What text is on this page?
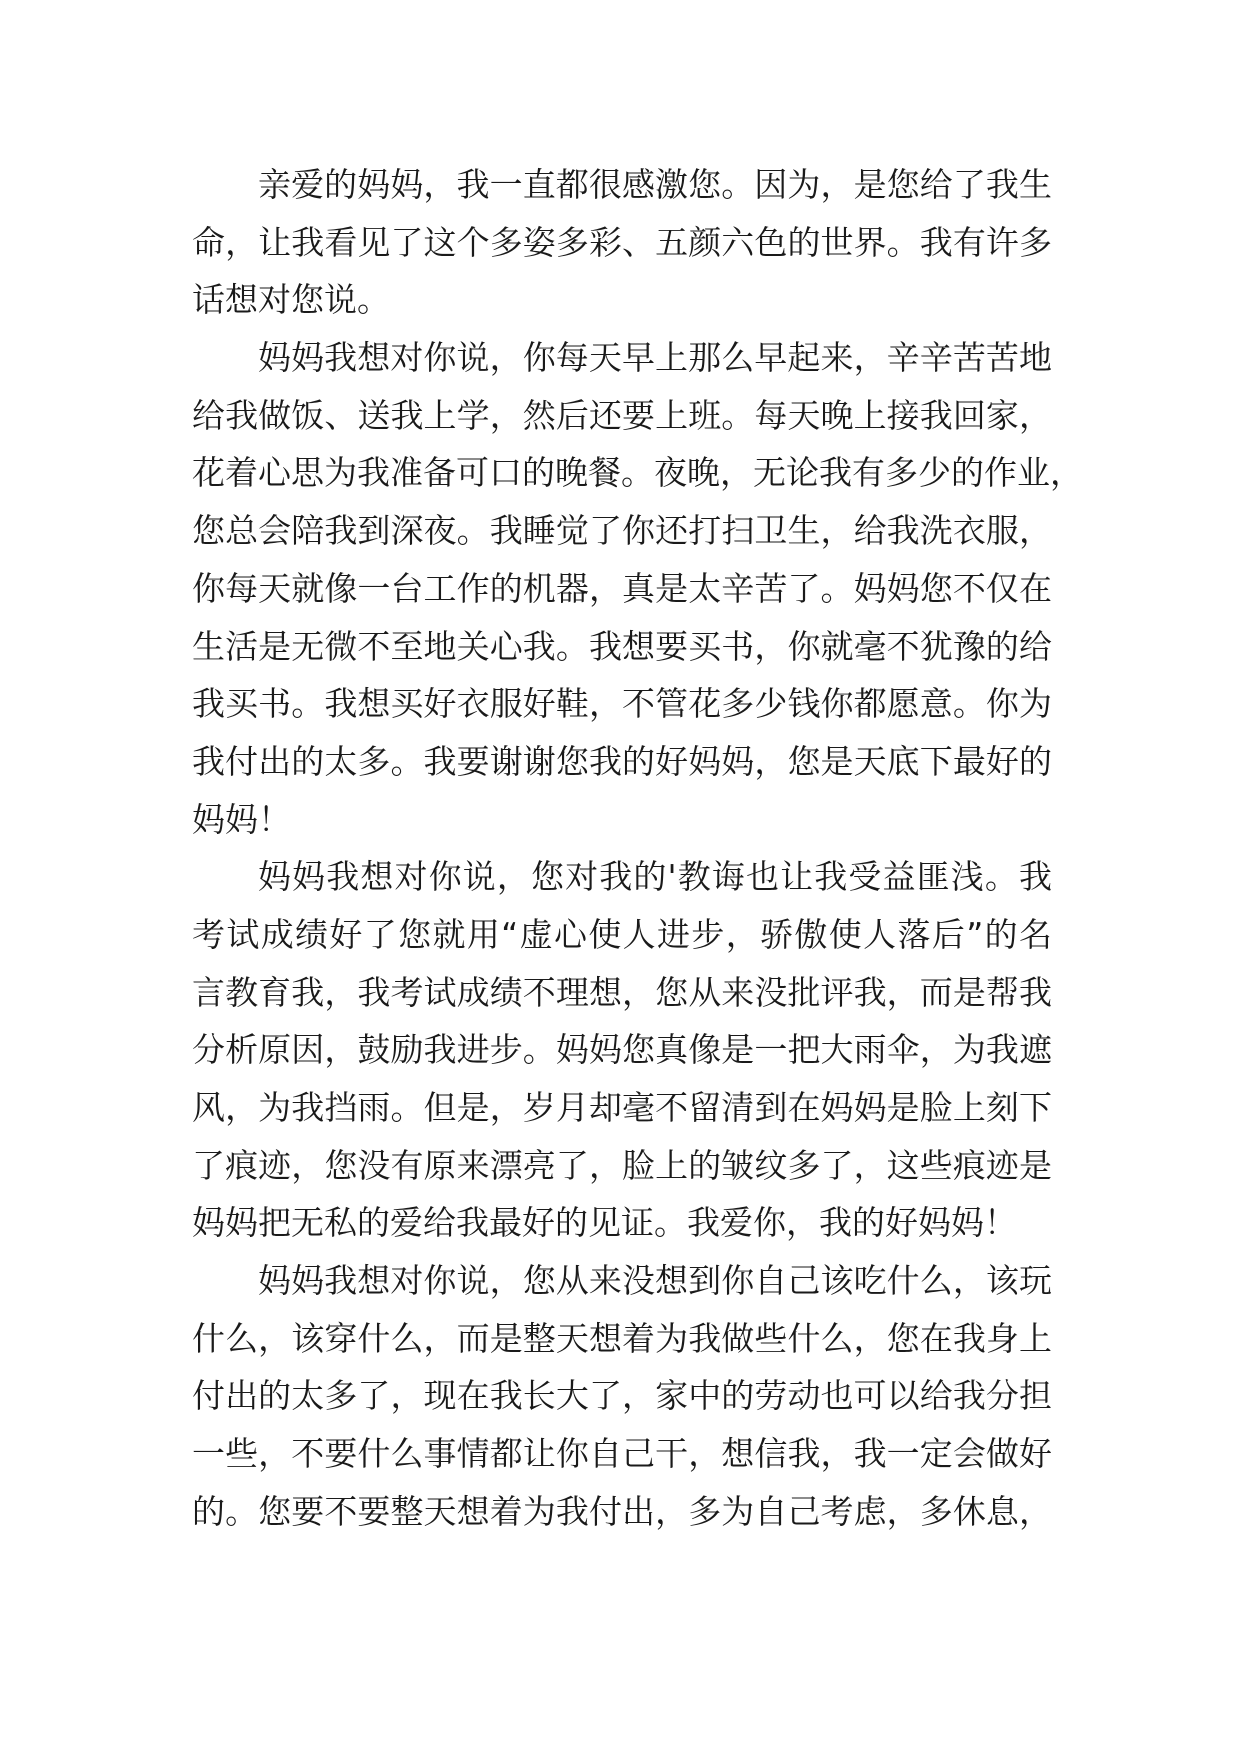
亲爱的妈妈，我一直都很感激您。因为，是您给了我生
命，让我看见了这个多姿多彩、五颜六色的世界。我有许多
话想对您说。
妈妈我想对你说，你每天早上那么早起来，辛辛苦苦地
给我做饭、送我上学，然后还要上班。每天晚上接我回家，
花着心思为我准备可口的晚餐。夜晚，无论我有多少的作业，
您总会陪我到深夜。我睡觉了你还打扫卫生，给我洗衣服，
你每天就像一台工作的机器，真是太辛苦了。妈妈您不仅在
生活是无微不至地关心我。我想要买书，你就毫不犹豫的给
我买书。我想买好衣服好鞋，不管花多少钱你都愿意。你为
我付出的太多。我要谢谢您我的好妈妈，您是天底下最好的
妈妈！
妈妈我想对你说，您对我的'教诲也让我受益匪浅。我
考试成绩好了您就用“虚心使人进步，骄傲使人落后”的名
言教育我，我考试成绩不理想，您从来没批评我，而是帮我
分析原因，鼓励我进步。妈妈您真像是一把大雨伞，为我遮
风，为我挡雨。但是，岁月却毫不留清到在妈妈是脸上刻下
了痕迹，您没有原来漂亮了，脸上的皱纹多了，这些痕迹是
妈妈把无私的爱给我最好的见证。我爱你，我的好妈妈！
妈妈我想对你说，您从来没想到你自己该吃什么，该玩
什么，该穿什么，而是整天想着为我做些什么，您在我身上
付出的太多了，现在我长大了，家中的劳动也可以给我分担
一些，不要什么事情都让你自己干，想信我，我一定会做好
的。您要不要整天想着为我付出，多为自己考虑，多休息，
